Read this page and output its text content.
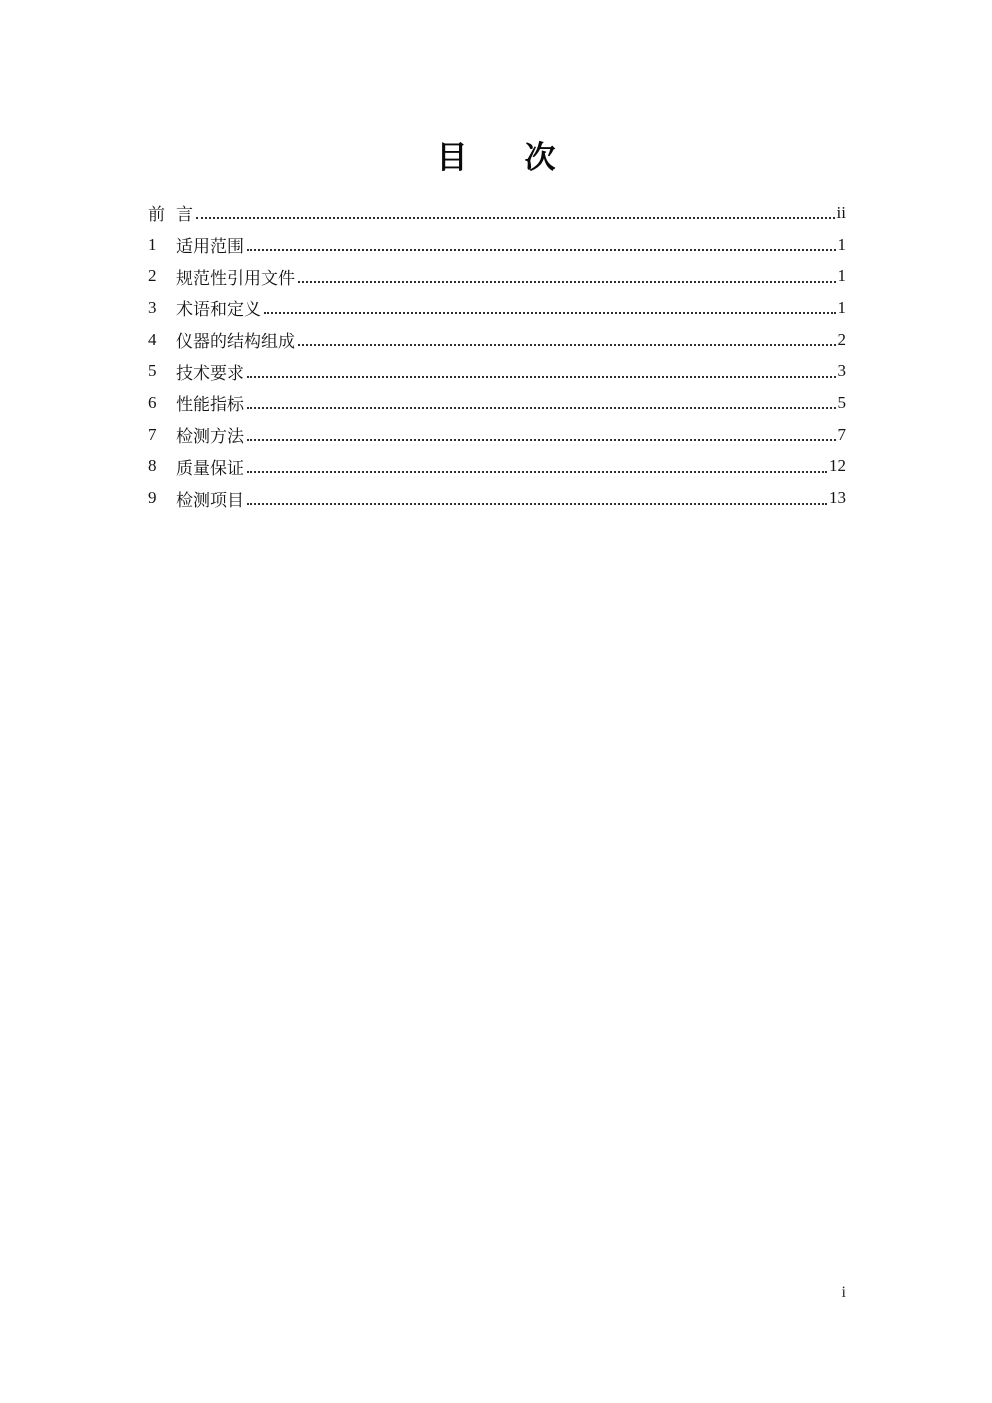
目　次
前 言	ii
1	适用范围	1
2	规范性引用文件	1
3	术语和定义	1
4	仪器的结构组成	2
5	技术要求	3
6	性能指标	5
7	检测方法	7
8	质量保证	12
9	检测项目	13
i
